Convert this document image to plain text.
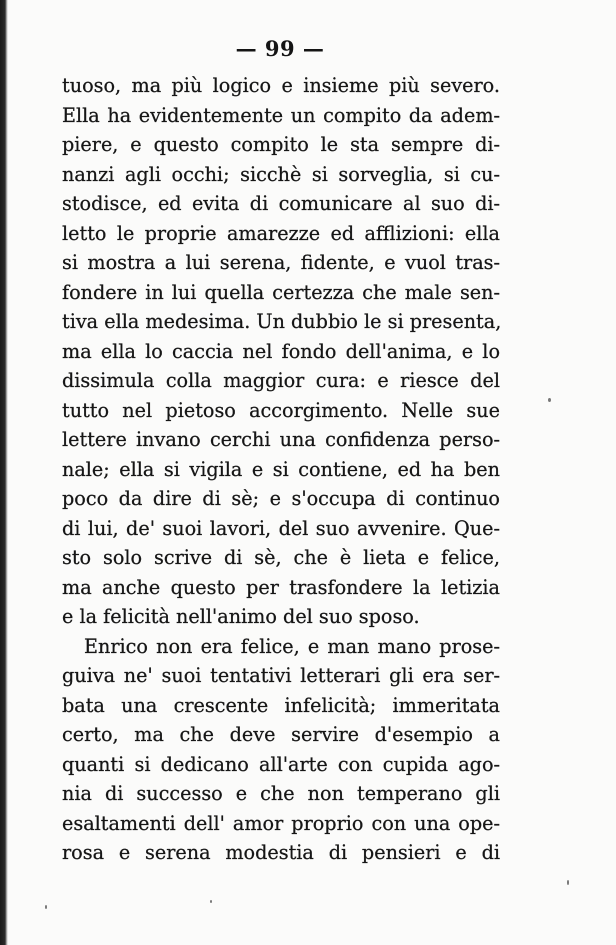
— 99 —
tuoso, ma più logico e insieme più severo.
Ella ha evidentemente un compito da adem-
piere, e questo compito le sta sempre di-
nanzi agli occhi; sicchè si sorveglia, si cu-
stodisce, ed evita di comunicare al suo di-
letto le proprie amarezze ed afflizioni: ella
si mostra a lui serena, fidente, e vuol tras-
fondere in lui quella certezza che male sen-
tiva ella medesima. Un dubbio le si presenta,
ma ella lo caccia nel fondo dell'anima, e lo
dissimula colla maggior cura: e riesce del
tutto nel pietoso accorgimento. Nelle sue
lettere invano cerchi una confidenza perso-
nale; ella si vigila e si contiene, ed ha ben
poco da dire di sè; e s'occupa di continuo
di lui, de' suoi lavori, del suo avvenire. Que-
sto solo scrive di sè, che è lieta e felice,
ma anche questo per trasfondere la letizia
e la felicità nell'animo del suo sposo.
Enrico non era felice, e man mano prose-
guiva ne' suoi tentativi letterari gli era ser-
bata una crescente infelicità; immeritata
certo, ma che deve servire d'esempio a
quanti si dedicano all'arte con cupida ago-
nia di successo e che non temperano gli
esaltamenti dell' amor proprio con una ope-
rosa e serena modestia di pensieri e di
